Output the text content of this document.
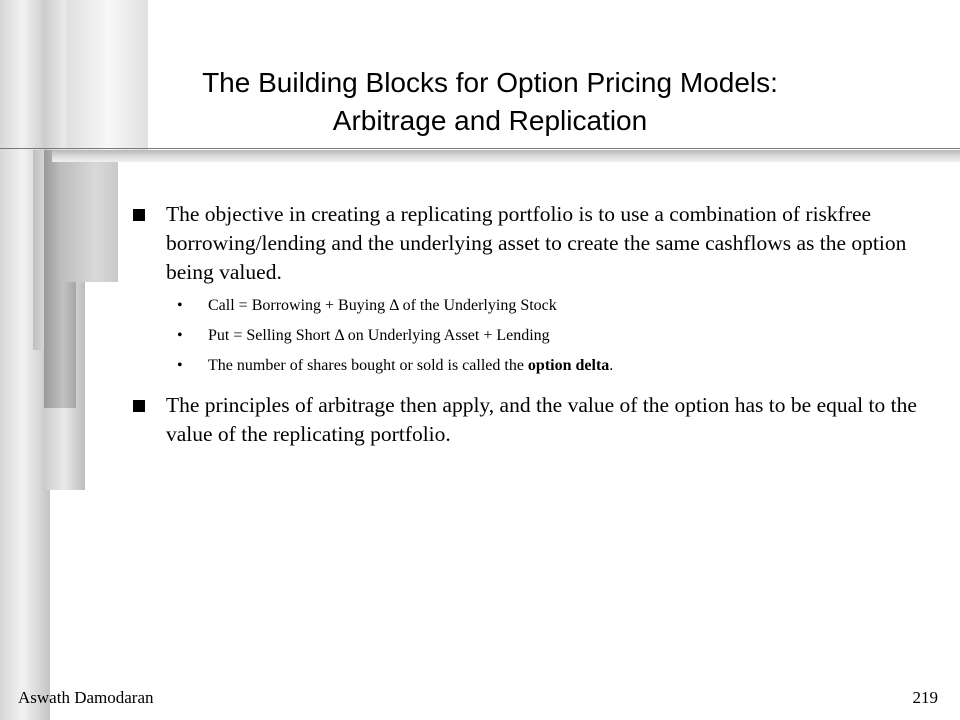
The Building Blocks for Option Pricing Models:
Arbitrage and Replication
The objective in creating a replicating portfolio is to use a combination of riskfree borrowing/lending and the underlying asset to create the same cashflows as the option being valued.
• Call = Borrowing + Buying Δ of the Underlying Stock
• Put = Selling Short Δ on Underlying Asset + Lending
• The number of shares bought or sold is called the option delta.
The principles of arbitrage then apply, and the value of the option has to be equal to the value of the replicating portfolio.
Aswath Damodaran	219
